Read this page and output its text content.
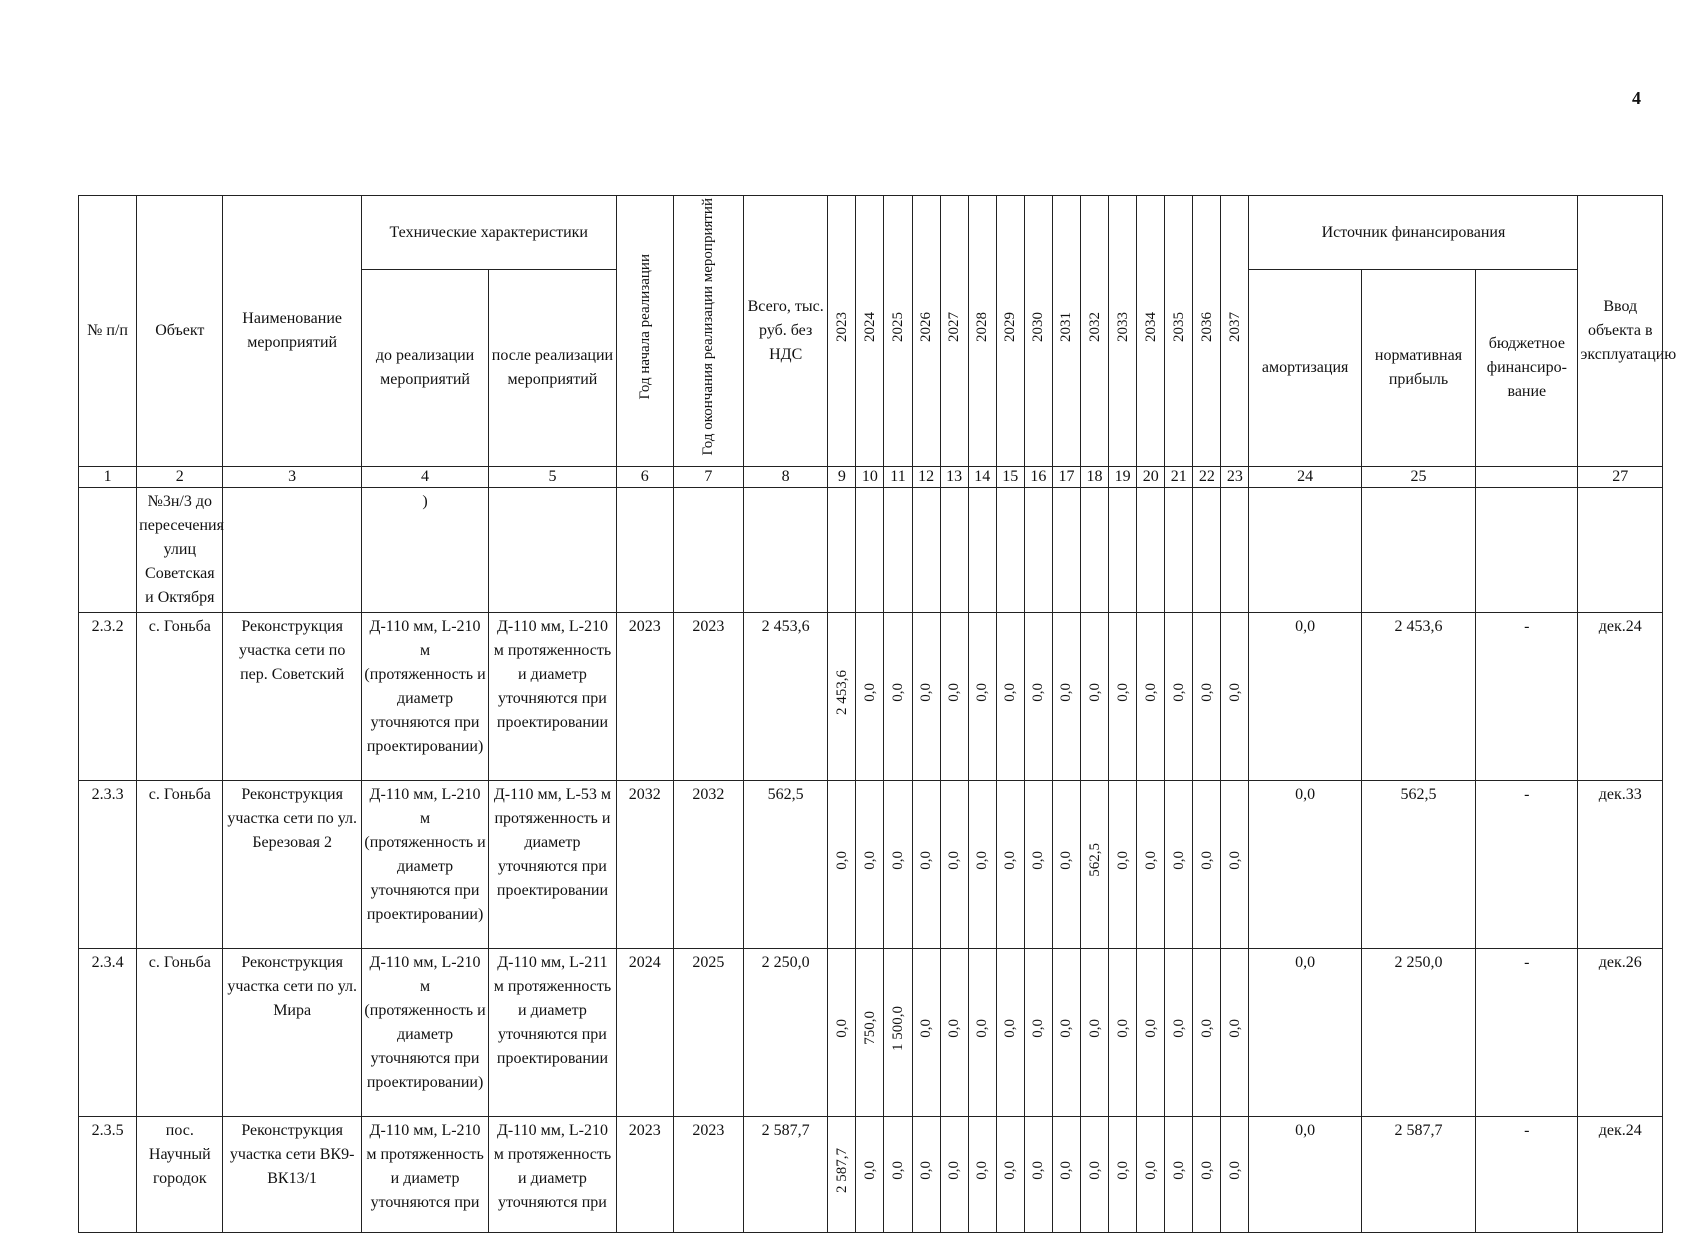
4
№ п/п	Объект	Наименование мероприятий	Технические характеристики		Год начала реализации	Год окончания реализации мероприятий	Всего, тыс. руб. без НДС	2023	2024	2025	2026	2027	2028	2029	2030	2031	2032	2033	2034	2035	2036	2037	Источник финансирования			Ввод объекта в эксплуатацию
			до реализации мероприятий	после реализации мероприятий																			амортизация	нормативная прибыль	бюджетное финансиро-вание	
1	2	3	4	5	6	7	8	9	10	11	12	13	14	15	16	17	18	19	20	21	22	23	24	25		27
	№3н/3 до пересечения улиц Советская и Октября		)																							
2.3.2	с. Гоньба	Реконструкция участка сети по пер. Советский	Д-110 мм, L-210 м (протяженность и диаметр уточняются при проектировании)	Д-110 мм, L-210 м протяженность и диаметр уточняются при проектировании	2023	2023	2 453,6	2 453,6	0,0	0,0	0,0	0,0	0,0	0,0	0,0	0,0	0,0	0,0	0,0	0,0	0,0	0,0	0,0	2 453,6	-	дек.24
2.3.3	с. Гоньба	Реконструкция участка сети по ул. Березовая 2	Д-110 мм, L-210 м (протяженность и диаметр уточняются при проектировании)	Д-110 мм, L-53 м протяженность и диаметр уточняются при проектировании	2032	2032	562,5	0,0	0,0	0,0	0,0	0,0	0,0	0,0	0,0	0,0	562,5	0,0	0,0	0,0	0,0	0,0	0,0	562,5	-	дек.33
2.3.4	с. Гоньба	Реконструкция участка сети по ул. Мира	Д-110 мм, L-210 м (протяженность и диаметр уточняются при проектировании)	Д-110 мм, L-211 м протяженность и диаметр уточняются при проектировании	2024	2025	2 250,0	0,0	750,0	1 500,0	0,0	0,0	0,0	0,0	0,0	0,0	0,0	0,0	0,0	0,0	0,0	0,0	0,0	2 250,0	-	дек.26
2.3.5	пос. Научный городок	Реконструкция участка сети ВК9-ВК13/1	Д-110 мм, L-210 м протяженность и диаметр уточняются при	Д-110 мм, L-210 м протяженность и диаметр уточняются при	2023	2023	2 587,7	2 587,7	0,0	0,0	0,0	0,0	0,0	0,0	0,0	0,0	0,0	0,0	0,0	0,0	0,0	0,0	0,0	2 587,7	-	дек.24
